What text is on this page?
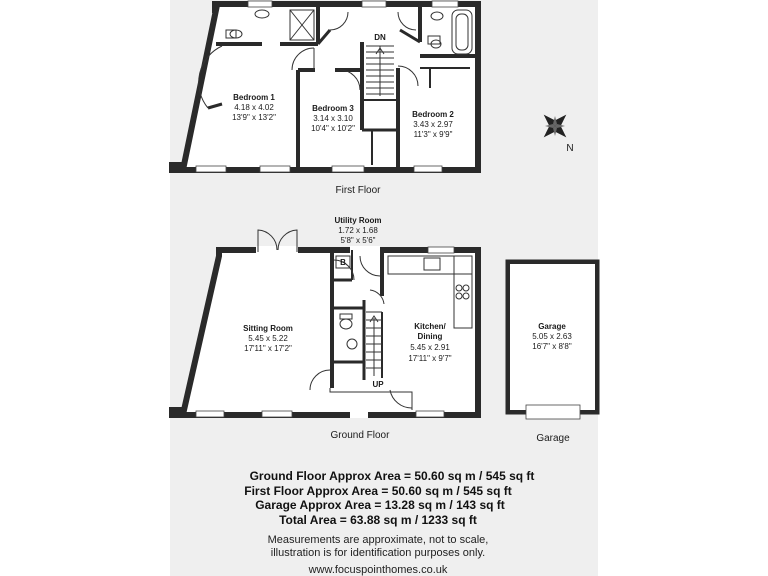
DN
Bedroom 1
4.18 x 4.02
13'9" x 13'2"
Bedroom 3
3.14 x 3.10
10'4" x 10'2"
Bedroom 2
3.43 x 2.97
11'3" x 9'9"
First Floor
N
B
UP
Sitting Room
5.45 x 5.22
17'11" x 17'2"
Kitchen/
Dining
5.45 x 2.91
17'11" x 9'7"
Utility Room
1.72 x 1.68
5'8" x 5'6"
Ground Floor
Garage
5.05 x 2.63
16'7" x 8'8"
Garage
Ground Floor Approx Area = 50.60 sq m / 545 sq ft
First Floor Approx Area = 50.60 sq m / 545 sq ft
Garage Approx Area = 13.28 sq m / 143 sq ft
Total Area = 63.88 sq m / 1233 sq ft
Measurements are approximate, not to scale,
illustration is for identification purposes only.
www.focuspointhomes.co.uk
